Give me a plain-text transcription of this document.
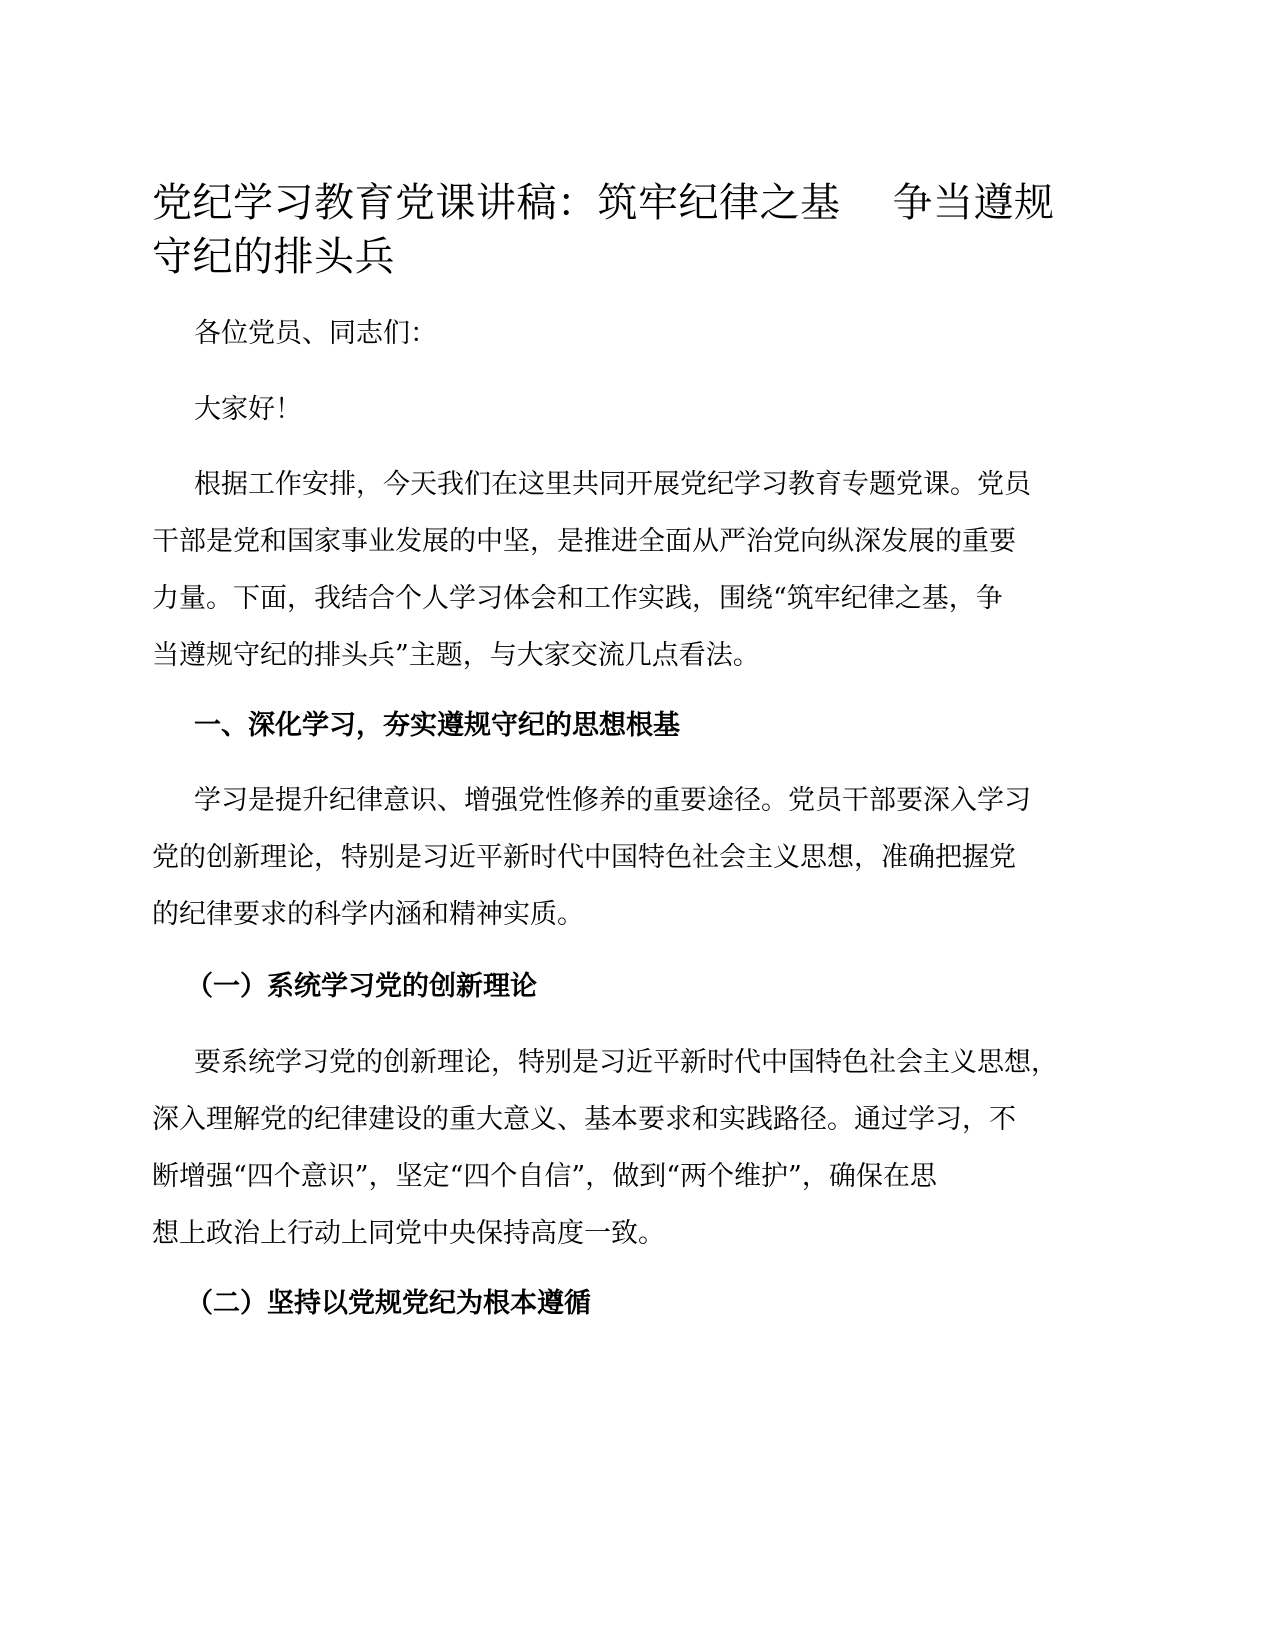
党纪学习教育党课讲稿：筑牢纪律之基 争当遵规
守纪的排头兵

各位党员、同志们：

大家好！

根据工作安排，今天我们在这里共同开展党纪学习教育专题党课。党员
干部是党和国家事业发展的中坚，是推进全面从严治党向纵深发展的重要
力量。下面，我结合个人学习体会和工作实践，围绕“筑牢纪律之基，争
当遵规守纪的排头兵”主题，与大家交流几点看法。

一、深化学习，夯实遵规守纪的思想根基

学习是提升纪律意识、增强党性修养的重要途径。党员干部要深入学习
党的创新理论，特别是习近平新时代中国特色社会主义思想，准确把握党
的纪律要求的科学内涵和精神实质。

（一）系统学习党的创新理论

要系统学习党的创新理论，特别是习近平新时代中国特色社会主义思想，
深入理解党的纪律建设的重大意义、基本要求和实践路径。通过学习，不
断增强“四个意识”，坚定“四个自信”，做到“两个维护”，确保在思
想上政治上行动上同党中央保持高度一致。

（二）坚持以党规党纪为根本遵循
